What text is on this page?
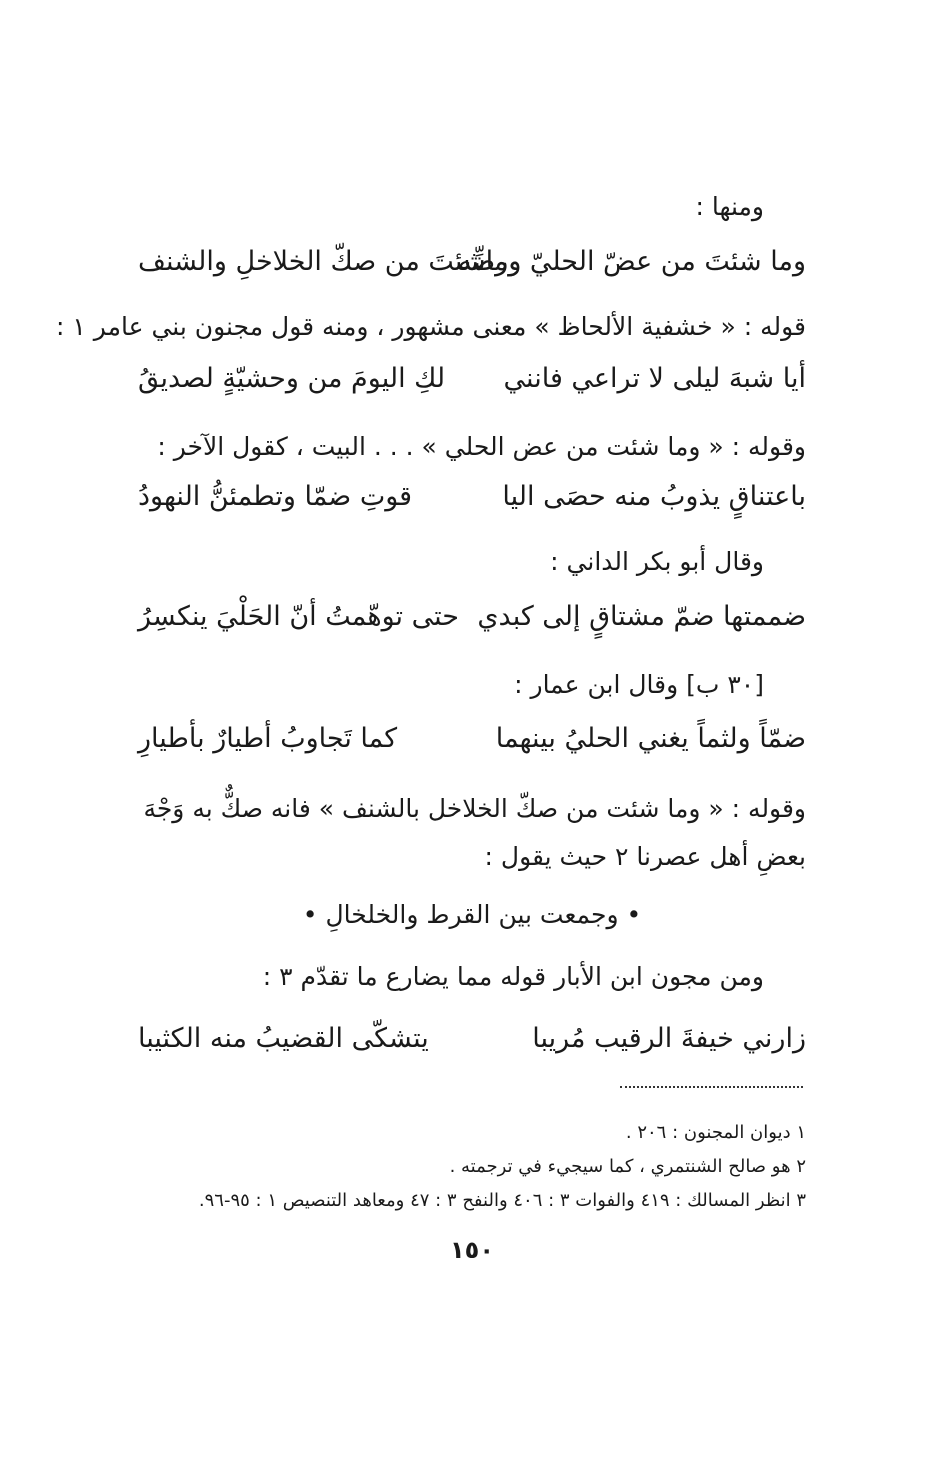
ومنها :
وما شئتَ من عضّ الحليّ ورضِّه
وماشئتَ من صكّ الخلاخلِ والشنف
قوله : « خشفية الألحاظ » معنى مشهور ، ومنه قول مجنون بني عامر ١ :
أيا شبهَ ليلى لا تراعي فانني
لكِ اليومَ من وحشيّةٍ لصديقُ
وقوله : « وما شئت من عض الحلي » . . . البيت ، كقول الآخر :
باعتناقٍ يذوبُ منه حصَى اليا
قوتِ ضمّا وتطمئنُّ النهودُ
وقال أبو بكر الداني :
ضممتها ضمّ مشتاقٍ إلى كبدي
حتى توهّمتُ أنّ الحَلْيَ ينكسِرُ
[٣٠ ب] وقال ابن عمار :
ضمّاً ولثماً يغني الحليُ بينهما
كما تَجاوبُ أطيارٌ بأطيارِ
وقوله : « وما شئت من صكّ الخلاخل بالشنف » فانه صكٌّ به وَجْهَ
بعضِ أهل عصرنا ٢ حيث يقول :
• وجمعت بين القرط والخلخالِ •
ومن مجون ابن الأبار قوله مما يضارع ما تقدّم ٣ :
زارني خيفةَ الرقيب مُريبا
يتشكّى القضيبُ منه الكثيبا
١ ديوان المجنون : ٢٠٦ .
٢ هو صالح الشنتمري ، كما سيجيء في ترجمته .
٣ انظر المسالك : ٤١٩ والفوات ٣ : ٤٠٦ والنفح ٣ : ٤٧ ومعاهد التنصيص ١ : ٩٥-٩٦.
١٥٠
